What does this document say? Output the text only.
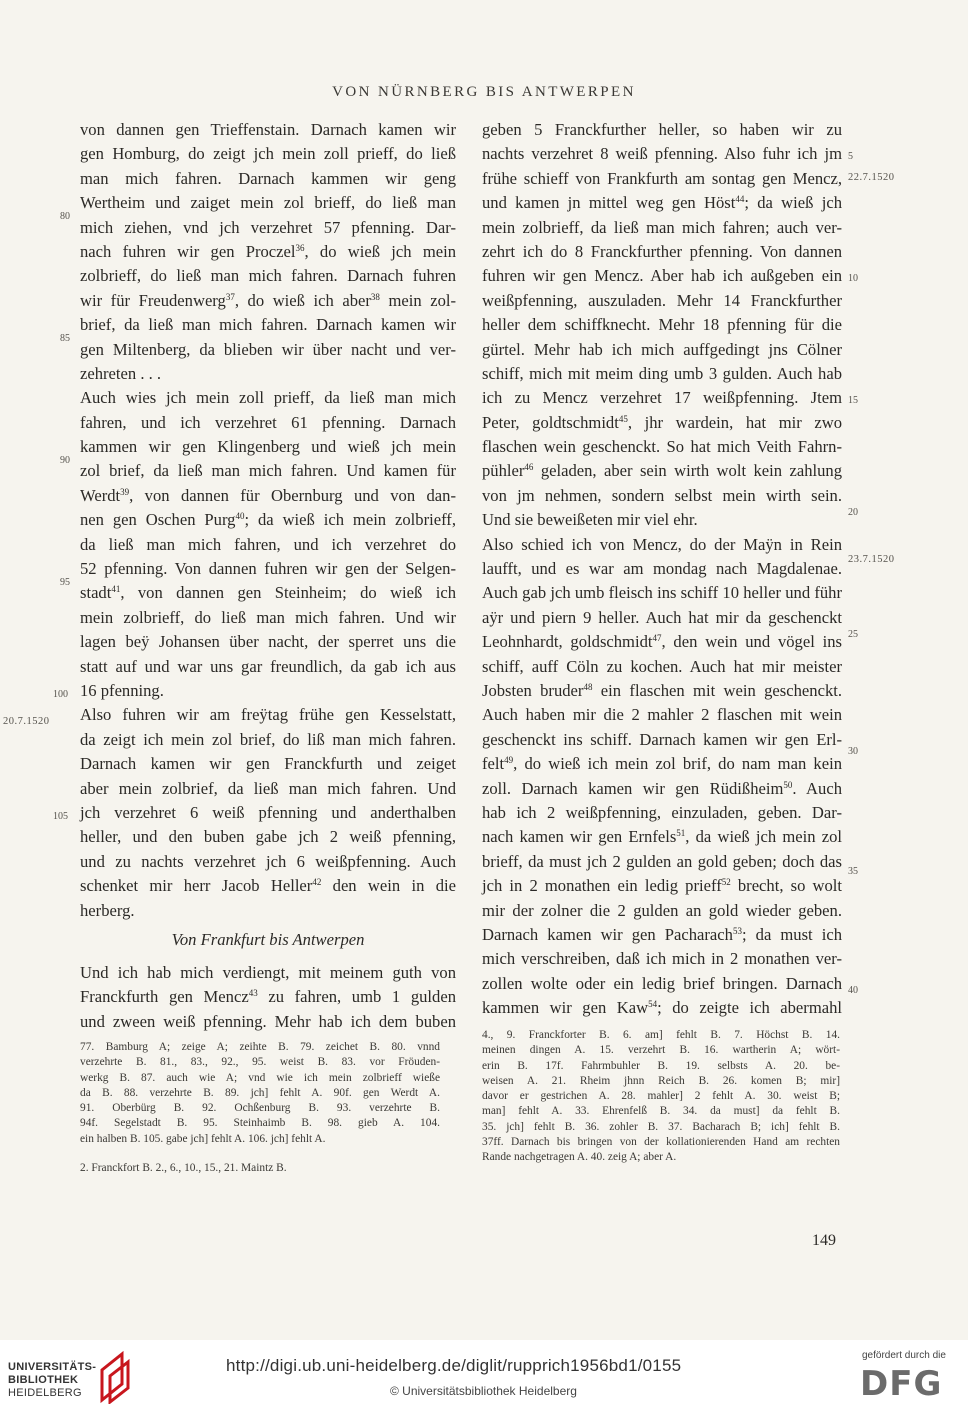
VON NÜRNBERG BIS ANTWERPEN
von dannen gen Trieffenstain. Darnach kamen wir
gen Homburg, do zeigt jch mein zoll prieff, do ließ
man mich fahren. Darnach kammen wir geng
Wertheim und zaiget mein zol brieff, do ließ man
mich ziehen, vnd jch verzehret 57 pfenning. Dar-
nach fuhren wir gen Proczel$^{36}$, do wieß jch mein
zolbrieff, do ließ man mich fahren. Darnach fuhren
wir für Freudenwerg$^{37}$, do wieß ich aber$^{38}$ mein zol-
brief, da ließ man mich fahren. Darnach kamen wir
gen Miltenberg, da blieben wir über nacht und ver-
zehreten . . .
Auch wies jch mein zoll prieff, da ließ man mich
fahren, und ich verzehret 61 pfenning. Darnach
kammen wir gen Klingenberg und wieß jch mein
zol brief, da ließ man mich fahren. Und kamen für
Werdt$^{39}$, von dannen für Obernburg und von dan-
nen gen Oschen Purg$^{40}$; da wieß ich mein zolbrieff,
da ließ man mich fahren, und ich verzehret do
52 pfenning. Von dannen fuhren wir gen der Selgen-
stadt$^{41}$, von dannen gen Steinheim; do wieß ich
mein zolbrieff, do ließ man mich fahren. Und wir
lagen beÿ Johansen über nacht, der sperret uns die
statt auf und war uns gar freundlich, da gab ich aus
16 pfenning.
Also fuhren wir am freÿtag frühe gen Kesselstatt,
da zeigt ich mein zol brief, do liß man mich fahren.
Darnach kamen wir gen Franckfurth und zeiget
aber mein zolbrief, da ließ man mich fahren. Und
jch verzehret 6 weiß pfenning und anderthalben
heller, und den buben gabe jch 2 weiß pfenning,
und zu nachts verzehret jch 6 weißpfenning. Auch
schenket mir herr Jacob Heller$^{42}$ den wein in die
herberg.
Von Frankfurt bis Antwerpen
Und ich hab mich verdiengt, mit meinem guth von
Franckfurth gen Mencz$^{43}$ zu fahren, umb 1 gulden
und zween weiß pfenning. Mehr hab ich dem buben
geben 5 Franckfurther heller, so haben wir zu
nachts verzehret 8 weiß pfenning. Also fuhr ich jm
frühe schieff von Frankfurth am sontag gen Mencz,
und kamen jn mittel weg gen Höst$^{44}$; da wieß jch
mein zolbrieff, da ließ man mich fahren; auch ver-
zehrt ich do 8 Franckfurther pfenning. Von dannen
fuhren wir gen Mencz. Aber hab ich außgeben ein
weißpfenning, auszuladen. Mehr 14 Franckfurther
heller dem schiffknecht. Mehr 18 pfenning für die
gürtel. Mehr hab ich mich auffgedingt jns Cölner
schiff, mich mit meim ding umb 3 gulden. Auch hab
ich zu Mencz verzehret 17 weißpfenning. Jtem
Peter, goldtschmidt$^{45}$, jhr wardein, hat mir zwo
flaschen wein geschenckt. So hat mich Veith Fahrn-
pühler$^{46}$ geladen, aber sein wirth wolt kein zahlung
von jm nehmen, sondern selbst mein wirth sein.
Und sie beweißeten mir viel ehr.
Also schied ich von Mencz, do der Maÿn in Rein
laufft, und es war am mondag nach Magdalenae.
Auch gab jch umb fleisch ins schiff 10 heller und führ
aÿr und piern 9 heller. Auch hat mir da geschenckt
Leohnhardt, goldschmidt$^{47}$, den wein und vögel ins
schiff, auff Cöln zu kochen. Auch hat mir meister
Jobsten bruder$^{48}$ ein flaschen mit wein geschenckt.
Auch haben mir die 2 mahler 2 flaschen mit wein
geschenckt ins schiff. Darnach kamen wir gen Erl-
felt$^{49}$, do wieß ich mein zol brif, do nam man kein
zoll. Darnach kamen wir gen Rüdißheim$^{50}$. Auch
hab ich 2 weißpfenning, einzuladen, geben. Dar-
nach kamen wir gen Ernfels$^{51}$, da wieß jch mein zol
brieff, da must jch 2 gulden an gold geben; doch das
jch in 2 monathen ein ledig prieff$^{52}$ brecht, so wolt
mir der zolner die 2 gulden an gold wieder geben.
Darnach kamen wir gen Pacharach$^{53}$; da must ich
mich verschreiben, daß ich mich in 2 monathen ver-
zollen wolte oder ein ledig brief bringen. Darnach
kammen wir gen Kaw$^{54}$; do zeigte ich abermahl
80
85
90
95
100
105
5
10
15
20
25
30
35
40
20.7.1520
22.7.1520
23.7.1520
77. Bamburg A; zeige A; zeihte B. 79. zeichet B. 80. vnnd
verzehrte B. 81., 83., 92., 95. weist B. 83. vor Fröuden-
werkg B. 87. auch wie A; vnd wie ich mein zolbrieff wieße
da B. 88. verzehrte B. 89. jch] fehlt A. 90f. gen Werdt A.
91. Oberbürg B. 92. Ochßenburg B. 93. verzehrte B.
94f. Segelstadt B. 95. Steinhaimb B. 98. gieb A. 104.
ein halben B. 105. gabe jch] fehlt A. 106. jch] fehlt A.
2. Franckfort B. 2., 6., 10., 15., 21. Maintz B.
4., 9. Franckforter B. 6. am] fehlt B. 7. Höchst B. 14.
meinen dingen A. 15. verzehrt B. 16. wartherin A; wört-
erin B. 17f. Fahrmbuhler B. 19. selbsts A. 20. be-
weisen A. 21. Rheim jhnn Reich B. 26. komen B; mir]
davor er gestrichen A. 28. mahler] 2 fehlt A. 30. weist B;
man] fehlt A. 33. Ehrenfelß B. 34. da must] da fehlt B.
35. jch] fehlt B. 36. zohler B. 37. Bacharach B; ich] fehlt B.
37ff. Darnach bis bringen von der kollationierenden Hand am rechten
Rande nachgetragen A. 40. zeig A; aber A.
149
UNIVERSITÄTS-
BIBLIOTHEK
HEIDELBERG
http://digi.ub.uni-heidelberg.de/diglit/rupprich1956bd1/0155
© Universitätsbibliothek Heidelberg
gefördert durch die
DFG
